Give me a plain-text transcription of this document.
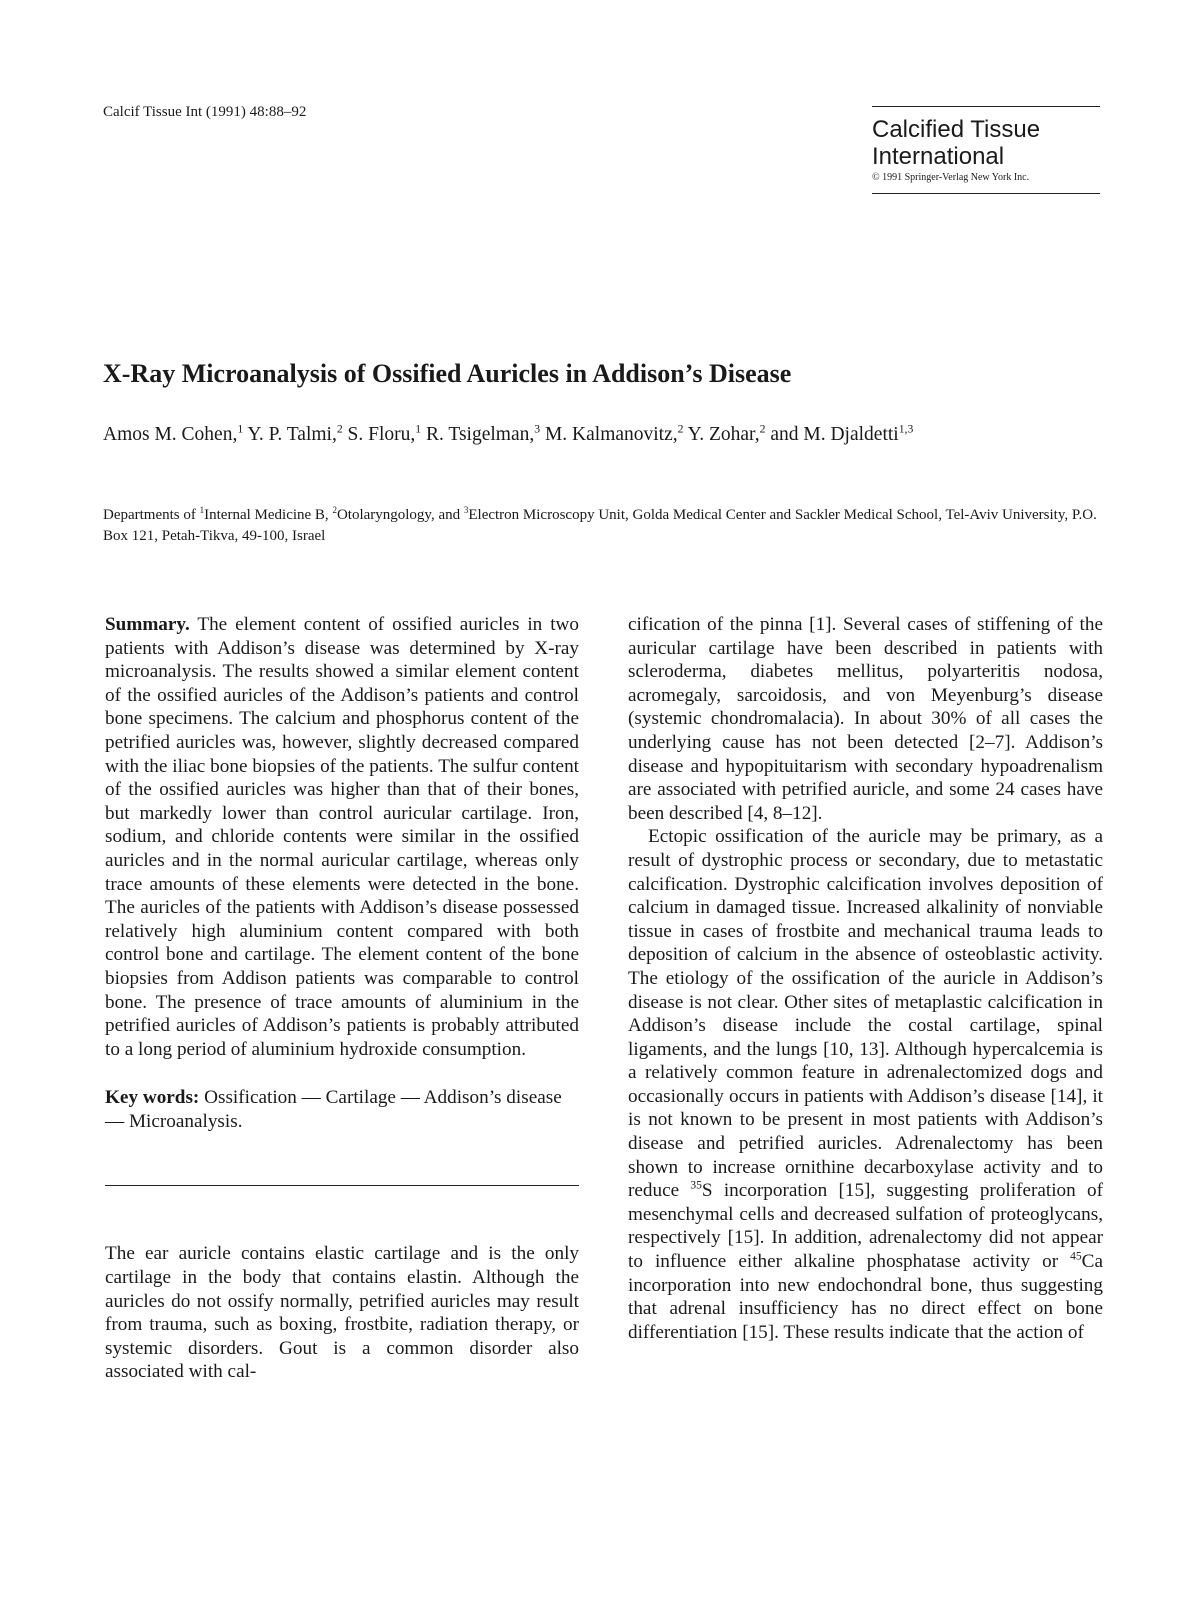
Calcif Tissue Int (1991) 48:88–92
Calcified Tissue
International
© 1991 Springer-Verlag New York Inc.
X-Ray Microanalysis of Ossified Auricles in Addison’s Disease
Amos M. Cohen,$^1$ Y. P. Talmi,$^2$ S. Floru,$^1$ R. Tsigelman,$^3$ M. Kalmanovitz,$^2$ Y. Zohar,$^2$ and M. Djaldetti$^{1,3}$
Departments of $^1$Internal Medicine B, $^2$Otolaryngology, and $^3$Electron Microscopy Unit, Golda Medical Center and Sackler Medical School, Tel-Aviv University, P.O. Box 121, Petah-Tikva, 49-100, Israel

Summary. The element content of ossified auricles in two patients with Addison’s disease was determined by X-ray microanalysis. The results showed a similar element content of the ossified auricles of the Addison’s patients and control bone specimens. The calcium and phosphorus content of the petrified auricles was, however, slightly decreased compared with the iliac bone biopsies of the patients. The sulfur content of the ossified auricles was higher than that of their bones, but markedly lower than control auricular cartilage. Iron, sodium, and chloride contents were similar in the ossified auricles and in the normal auricular cartilage, whereas only trace amounts of these elements were detected in the bone. The auricles of the patients with Addison’s disease possessed relatively high aluminium content compared with both control bone and cartilage. The element content of the bone biopsies from Addison patients was comparable to control bone. The presence of trace amounts of aluminium in the petrified auricles of Addison’s patients is probably attributed to a long period of aluminium hydroxide consumption.

Key words: Ossification — Cartilage — Addison’s disease — Microanalysis.

The ear auricle contains elastic cartilage and is the only cartilage in the body that contains elastin. Although the auricles do not ossify normally, petrified auricles may result from trauma, such as boxing, frostbite, radiation therapy, or systemic disorders. Gout is a common disorder also associated with cal-

cification of the pinna [1]. Several cases of stiffening of the auricular cartilage have been described in patients with scleroderma, diabetes mellitus, polyarteritis nodosa, acromegaly, sarcoidosis, and von Meyenburg’s disease (systemic chondromalacia). In about 30% of all cases the underlying cause has not been detected [2–7]. Addison’s disease and hypopituitarism with secondary hypoadrenalism are associated with petrified auricle, and some 24 cases have been described [4, 8–12].

Ectopic ossification of the auricle may be primary, as a result of dystrophic process or secondary, due to metastatic calcification. Dystrophic calcification involves deposition of calcium in damaged tissue. Increased alkalinity of nonviable tissue in cases of frostbite and mechanical trauma leads to deposition of calcium in the absence of osteoblastic activity. The etiology of the ossification of the auricle in Addison’s disease is not clear. Other sites of metaplastic calcification in Addison’s disease include the costal cartilage, spinal ligaments, and the lungs [10, 13]. Although hypercalcemia is a relatively common feature in adrenalectomized dogs and occasionally occurs in patients with Addison’s disease [14], it is not known to be present in most patients with Addison’s disease and petrified auricles. Adrenalectomy has been shown to increase ornithine decarboxylase activity and to reduce $^{35}$S incorporation [15], suggesting proliferation of mesenchymal cells and decreased sulfation of proteoglycans, respectively [15]. In addition, adrenalectomy did not appear to influence either alkaline phosphatase activity or $^{45}$Ca incorporation into new endochondral bone, thus suggesting that adrenal insufficiency has no direct effect on bone differentiation [15]. These results indicate that the action of
